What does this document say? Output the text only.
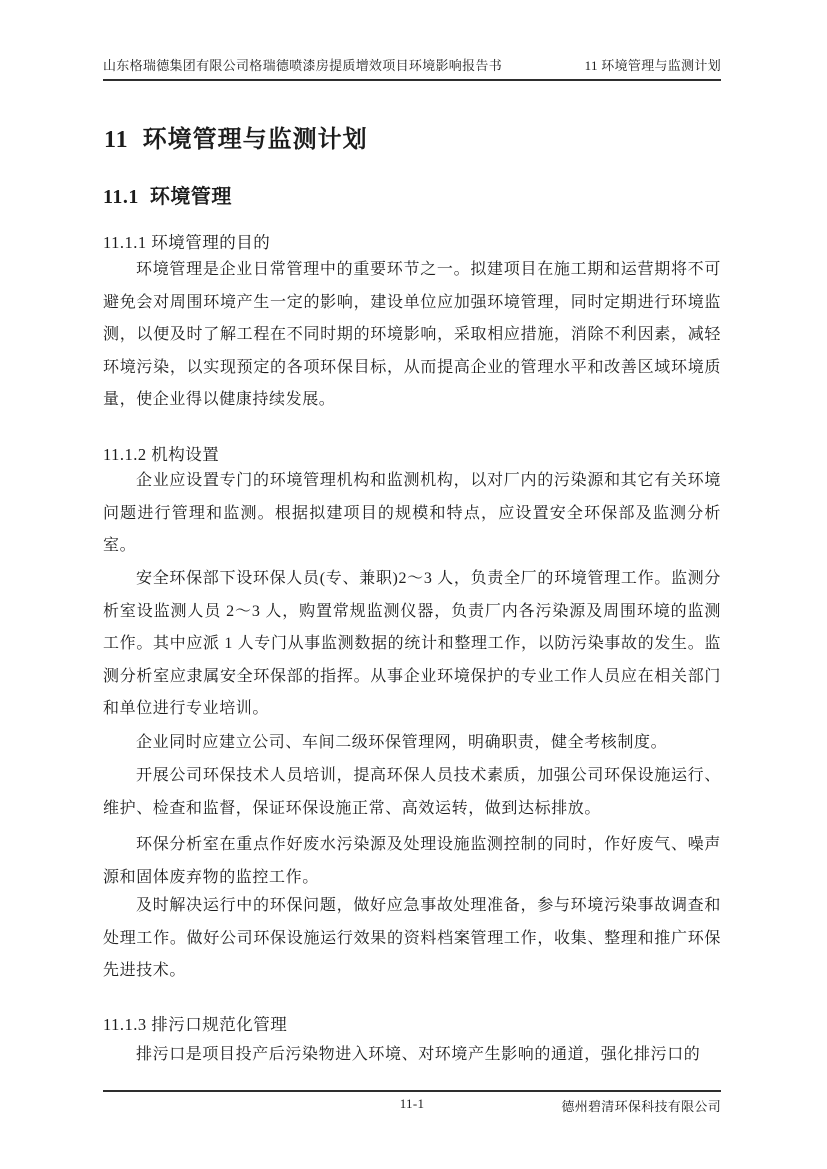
山东格瑞德集团有限公司格瑞德喷漆房提质增效项目环境影响报告书	11 环境管理与监测计划
11  环境管理与监测计划
11.1  环境管理
11.1.1 环境管理的目的

环境管理是企业日常管理中的重要环节之一。拟建项目在施工期和运营期将不可避免会对周围环境产生一定的影响，建设单位应加强环境管理，同时定期进行环境监测，以便及时了解工程在不同时期的环境影响，采取相应措施，消除不利因素，减轻环境污染，以实现预定的各项环保目标，从而提高企业的管理水平和改善区域环境质量，使企业得以健康持续发展。

11.1.2 机构设置

企业应设置专门的环境管理机构和监测机构，以对厂内的污染源和其它有关环境问题进行管理和监测。根据拟建项目的规模和特点，应设置安全环保部及监测分析室。

安全环保部下设环保人员(专、兼职)2～3 人，负责全厂的环境管理工作。监测分析室设监测人员 2～3 人，购置常规监测仪器，负责厂内各污染源及周围环境的监测工作。其中应派 1 人专门从事监测数据的统计和整理工作，以防污染事故的发生。监测分析室应隶属安全环保部的指挥。从事企业环境保护的专业工作人员应在相关部门和单位进行专业培训。

企业同时应建立公司、车间二级环保管理网，明确职责，健全考核制度。

开展公司环保技术人员培训，提高环保人员技术素质，加强公司环保设施运行、维护、检查和监督，保证环保设施正常、高效运转，做到达标排放。

环保分析室在重点作好废水污染源及处理设施监测控制的同时，作好废气、噪声源和固体废弃物的监控工作。

及时解决运行中的环保问题，做好应急事故处理准备，参与环境污染事故调查和处理工作。做好公司环保设施运行效果的资料档案管理工作，收集、整理和推广环保先进技术。

11.1.3 排污口规范化管理

排污口是项目投产后污染物进入环境、对环境产生影响的通道，强化排污口的

11-1	德州碧清环保科技有限公司
